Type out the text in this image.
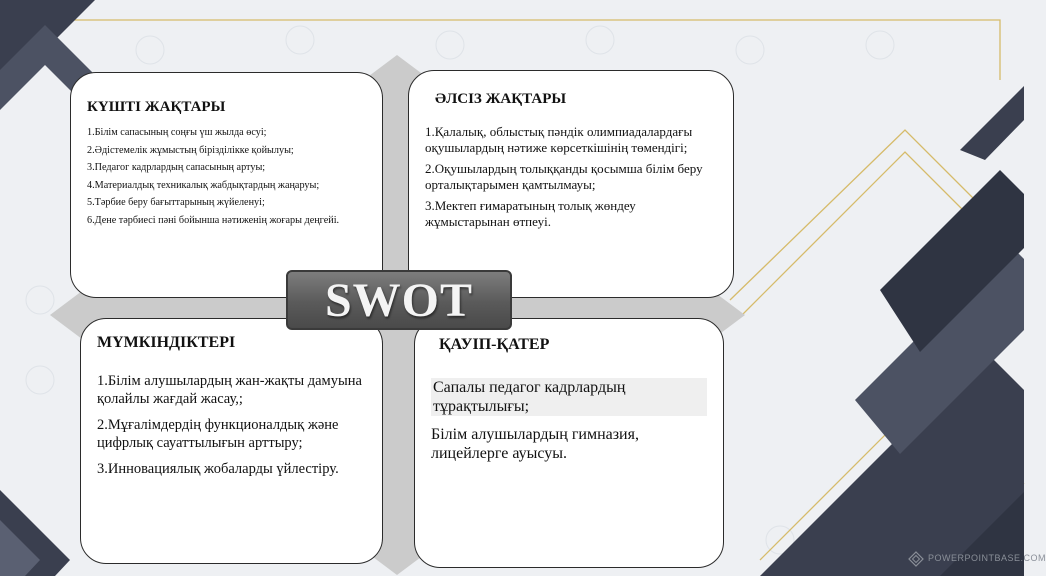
КҮШТІ ЖАҚТАРЫ

1.Білім сапасының соңғы үш жылда өсуі;

2.Әдістемелік жұмыстың біріздiлiкке қойылуы;

3.Педагог кадрлардың сапасының артуы;

4.Материалдық техникалық жабдықтардың жаңаруы;

5.Тәрбие беру бағыттарының жүйеленуі;

6.Дене тәрбиесі пәні бойынша нәтиженің жоғары деңгейі.

ӘЛСІЗ ЖАҚТАРЫ

1.Қалалық, облыстық пәндік олимпиадалардағы оқушылардың нәтиже көрсеткішінің төмендігі;

2.Оқушылардың толыққанды қосымша білім беру орталықтарымен қамтылмауы;

3.Мектеп ғимаратының толық жөндеу жұмыстарынан өтпеуі.

МҮМКІНДІКТЕРІ

1.Білім алушылардың жан-жақты дамуына қолайлы жағдай жасау,;

2.Мұғалімдердің функционалдық және цифрлық сауаттылығын арттыру;

3.Инновациялық жобаларды үйлестіру.

ҚАУІП-ҚАТЕР

Сапалы педагог кадрлардың тұрақтылығы;

Білім алушылардың гимназия, лицейлерге ауысуы.

SWOT
POWERPOINTBASE.COM
